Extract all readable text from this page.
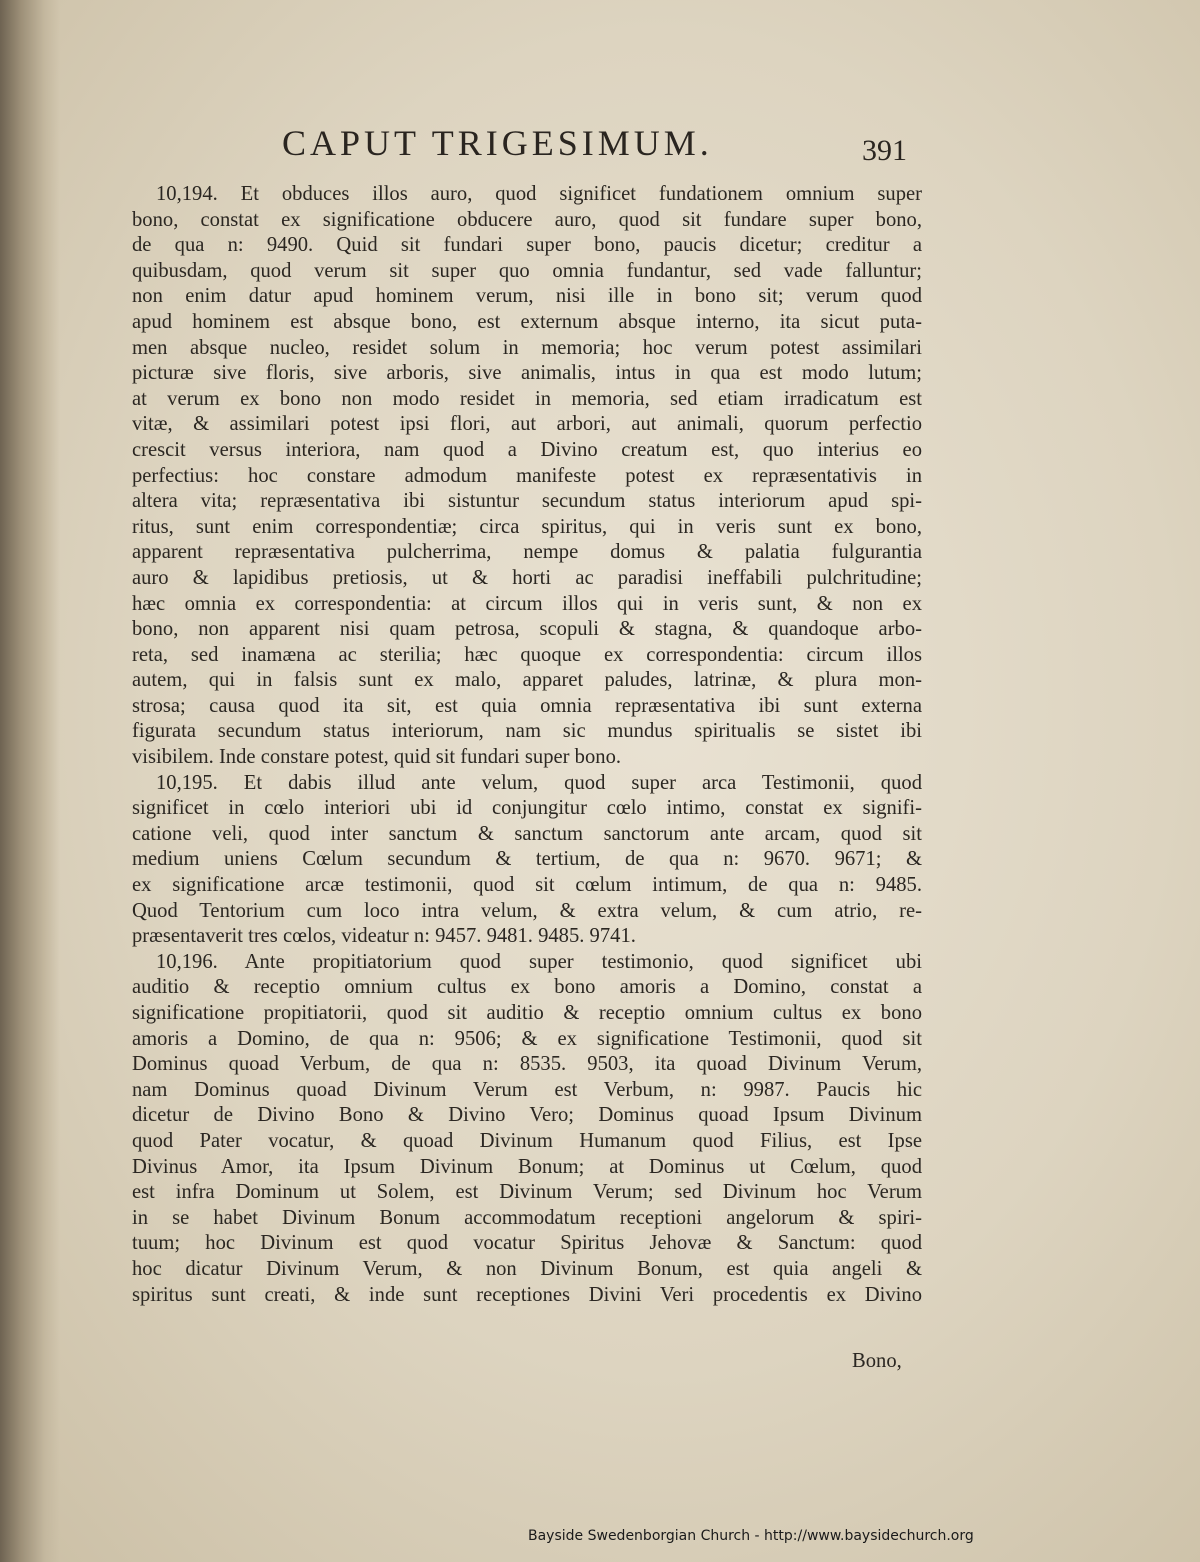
CAPUT TRIGESIMUM.	391
10,194. Et obduces illos auro, quod significet fundationem omnium super
bono, constat ex significatione obducere auro, quod sit fundare super bono,
de qua n: 9490. Quid sit fundari super bono, paucis dicetur; creditur a
quibusdam, quod verum sit super quo omnia fundantur, sed vade falluntur;
non enim datur apud hominem verum, nisi ille in bono sit; verum quod
apud hominem est absque bono, est externum absque interno, ita sicut puta-
men absque nucleo, residet solum in memoria; hoc verum potest assimilari
picturæ sive floris, sive arboris, sive animalis, intus in qua est modo lutum;
at verum ex bono non modo residet in memoria, sed etiam irradicatum est
vitæ, & assimilari potest ipsi flori, aut arbori, aut animali, quorum perfectio
crescit versus interiora, nam quod a Divino creatum est, quo interius eo
perfectius: hoc constare admodum manifeste potest ex repræsentativis in
altera vita; repræsentativa ibi sistuntur secundum status interiorum apud spi-
ritus, sunt enim correspondentiæ; circa spiritus, qui in veris sunt ex bono,
apparent repræsentativa pulcherrima, nempe domus & palatia fulgurantia
auro & lapidibus pretiosis, ut & horti ac paradisi ineffabili pulchritudine;
hæc omnia ex correspondentia: at circum illos qui in veris sunt, & non ex
bono, non apparent nisi quam petrosa, scopuli & stagna, & quandoque arbo-
reta, sed inamæna ac sterilia; hæc quoque ex correspondentia: circum illos
autem, qui in falsis sunt ex malo, apparet paludes, latrinæ, & plura mon-
strosa; causa quod ita sit, est quia omnia repræsentativa ibi sunt externa
figurata secundum status interiorum, nam sic mundus spiritualis se sistet ibi
visibilem. Inde constare potest, quid sit fundari super bono.
10,195. Et dabis illud ante velum, quod super arca Testimonii, quod
significet in cœlo interiori ubi id conjungitur cœlo intimo, constat ex signifi-
catione veli, quod inter sanctum & sanctum sanctorum ante arcam, quod sit
medium uniens Cœlum secundum & tertium, de qua n: 9670. 9671; &
ex significatione arcæ testimonii, quod sit cœlum intimum, de qua n: 9485.
Quod Tentorium cum loco intra velum, & extra velum, & cum atrio, re-
præsentaverit tres cœlos, videatur n: 9457. 9481. 9485. 9741.
10,196. Ante propitiatorium quod super testimonio, quod significet ubi
auditio & receptio omnium cultus ex bono amoris a Domino, constat a
significatione propitiatorii, quod sit auditio & receptio omnium cultus ex bono
amoris a Domino, de qua n: 9506; & ex significatione Testimonii, quod sit
Dominus quoad Verbum, de qua n: 8535. 9503, ita quoad Divinum Verum,
nam Dominus quoad Divinum Verum est Verbum, n: 9987. Paucis hic
dicetur de Divino Bono & Divino Vero; Dominus quoad Ipsum Divinum
quod Pater vocatur, & quoad Divinum Humanum quod Filius, est Ipse
Divinus Amor, ita Ipsum Divinum Bonum; at Dominus ut Cœlum, quod
est infra Dominum ut Solem, est Divinum Verum; sed Divinum hoc Verum
in se habet Divinum Bonum accommodatum receptioni angelorum & spiri-
tuum; hoc Divinum est quod vocatur Spiritus Jehovæ & Sanctum: quod
hoc dicatur Divinum Verum, & non Divinum Bonum, est quia angeli &
spiritus sunt creati, & inde sunt receptiones Divini Veri procedentis ex Divino
Bono,
Bayside Swedenborgian Church - http://www.baysidechurch.org
